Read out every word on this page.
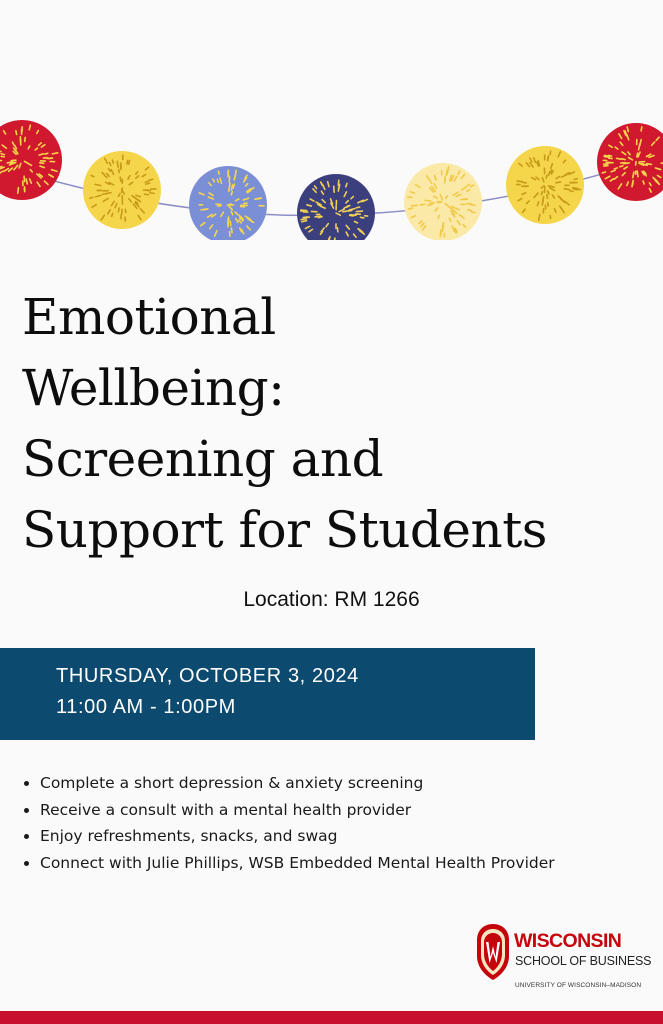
Emotional
Wellbeing:
Screening and
Support for Students
Location: RM 1266
THURSDAY, OCTOBER 3, 2024
11:00 AM - 1:00PM
• Complete a short depression & anxiety screening
• Receive a consult with a mental health provider
• Enjoy refreshments, snacks, and swag
• Connect with Julie Phillips, WSB Embedded Mental Health Provider
WISCONSIN
SCHOOL OF BUSINESS
UNIVERSITY OF WISCONSIN–MADISON
